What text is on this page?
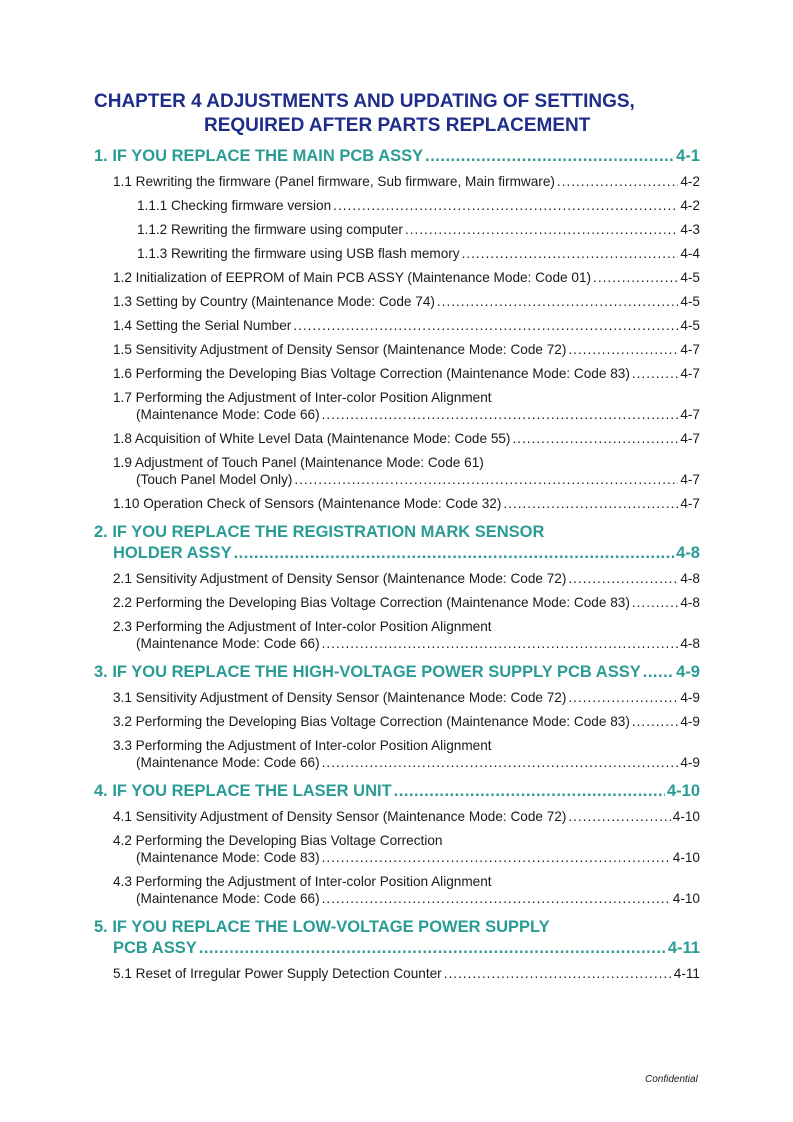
CHAPTER 4 ADJUSTMENTS AND UPDATING OF SETTINGS,
REQUIRED AFTER PARTS REPLACEMENT
1. IF YOU REPLACE THE MAIN PCB ASSY .....	4-1
1.1 Rewriting the firmware (Panel firmware, Sub firmware, Main firmware) .....	4-2
1.1.1 Checking firmware version .....	4-2
1.1.2 Rewriting the firmware using computer .....	4-3
1.1.3 Rewriting the firmware using USB flash memory .....	4-4
1.2 Initialization of EEPROM of Main PCB ASSY (Maintenance Mode: Code 01) .....	4-5
1.3 Setting by Country (Maintenance Mode: Code 74) .....	4-5
1.4 Setting the Serial Number .....	4-5
1.5 Sensitivity Adjustment of Density Sensor (Maintenance Mode: Code 72) .....	4-7
1.6 Performing the Developing Bias Voltage Correction (Maintenance Mode: Code 83) .....	4-7
1.7 Performing the Adjustment of Inter-color Position Alignment
(Maintenance Mode: Code 66) .....	4-7
1.8 Acquisition of White Level Data (Maintenance Mode: Code 55) .....	4-7
1.9 Adjustment of Touch Panel (Maintenance Mode: Code 61)
(Touch Panel Model Only) .....	4-7
1.10 Operation Check of Sensors (Maintenance Mode: Code 32) .....	4-7
2. IF YOU REPLACE THE REGISTRATION MARK SENSOR
HOLDER ASSY .....	4-8
2.1 Sensitivity Adjustment of Density Sensor (Maintenance Mode: Code 72) .....	4-8
2.2 Performing the Developing Bias Voltage Correction (Maintenance Mode: Code 83) .....	4-8
2.3 Performing the Adjustment of Inter-color Position Alignment
(Maintenance Mode: Code 66) .....	4-8
3. IF YOU REPLACE THE HIGH-VOLTAGE POWER SUPPLY PCB ASSY ..... 4-9
3.1 Sensitivity Adjustment of Density Sensor (Maintenance Mode: Code 72) .....	4-9
3.2 Performing the Developing Bias Voltage Correction (Maintenance Mode: Code 83) .....	4-9
3.3 Performing the Adjustment of Inter-color Position Alignment
(Maintenance Mode: Code 66) .....	4-9
4. IF YOU REPLACE THE LASER UNIT .....	4-10
4.1 Sensitivity Adjustment of Density Sensor (Maintenance Mode: Code 72) .....	4-10
4.2 Performing the Developing Bias Voltage Correction
(Maintenance Mode: Code 83) .....	4-10
4.3 Performing the Adjustment of Inter-color Position Alignment
(Maintenance Mode: Code 66) .....	4-10
5. IF YOU REPLACE THE LOW-VOLTAGE POWER SUPPLY
PCB ASSY .....	4-11
5.1 Reset of Irregular Power Supply Detection Counter .....	4-11
Confidential
